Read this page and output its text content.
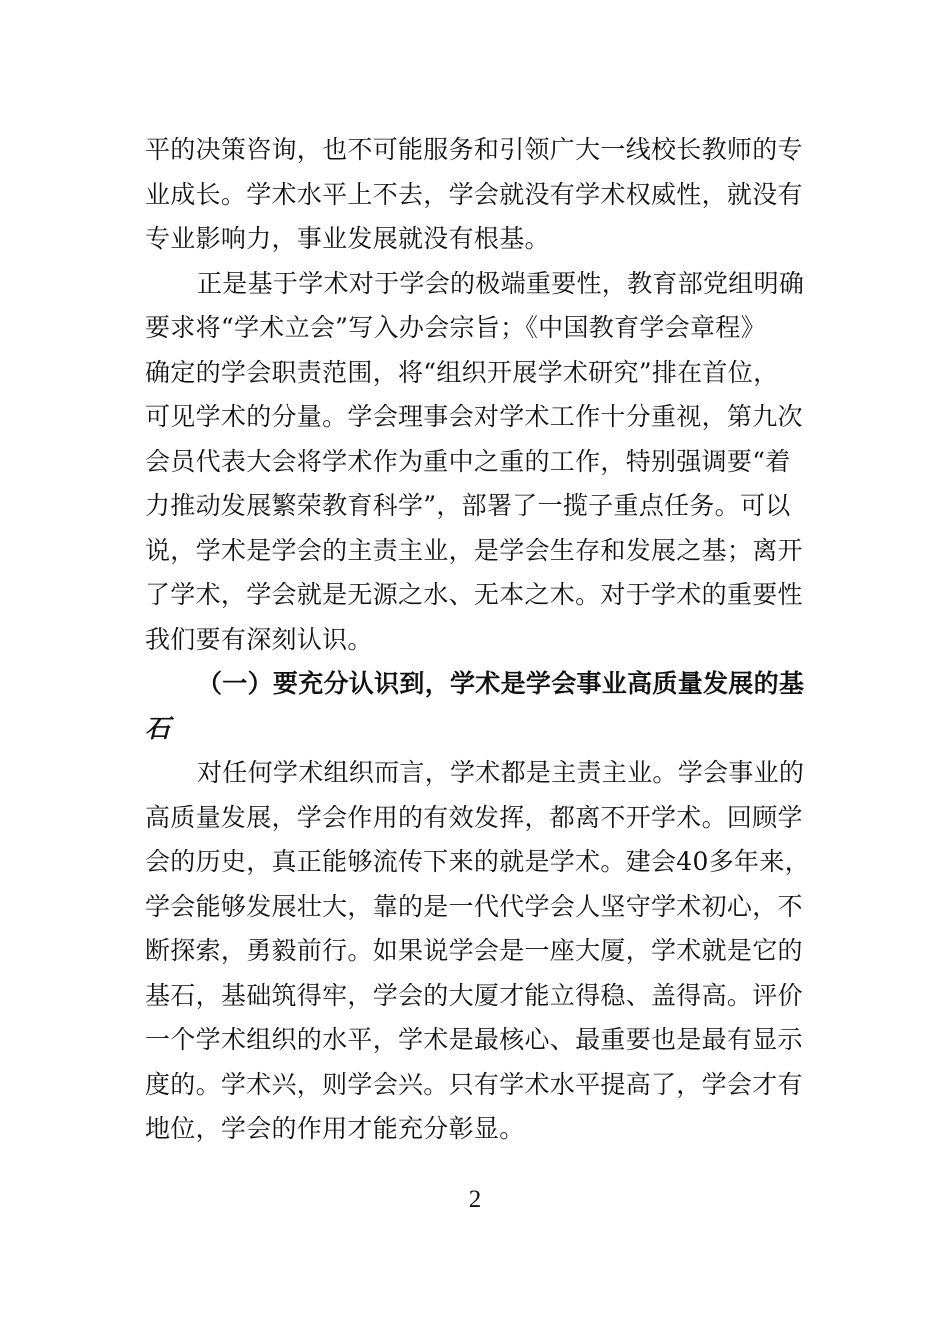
平的决策咨询，也不可能服务和引领广大一线校长教师的专
业成长。学术水平上不去，学会就没有学术权威性，就没有
专业影响力，事业发展就没有根基。
正是基于学术对于学会的极端重要性，教育部党组明确
要求将“学术立会”写入办会宗旨；《中国教育学会章程》
确定的学会职责范围，将“组织开展学术研究”排在首位，
可见学术的分量。学会理事会对学术工作十分重视，第九次
会员代表大会将学术作为重中之重的工作，特别强调要“着
力推动发展繁荣教育科学”，部署了一揽子重点任务。可以
说，学术是学会的主责主业，是学会生存和发展之基；离开
了学术，学会就是无源之水、无本之木。对于学术的重要性
我们要有深刻认识。
（一）要充分认识到，学术是学会事业高质量发展的基
石
对任何学术组织而言，学术都是主责主业。学会事业的
高质量发展，学会作用的有效发挥，都离不开学术。回顾学
会的历史，真正能够流传下来的就是学术。建会40多年来，
学会能够发展壮大，靠的是一代代学会人坚守学术初心，不
断探索，勇毅前行。如果说学会是一座大厦，学术就是它的
基石，基础筑得牢，学会的大厦才能立得稳、盖得高。评价
一个学术组织的水平，学术是最核心、最重要也是最有显示
度的。学术兴，则学会兴。只有学术水平提高了，学会才有
地位，学会的作用才能充分彰显。
2
